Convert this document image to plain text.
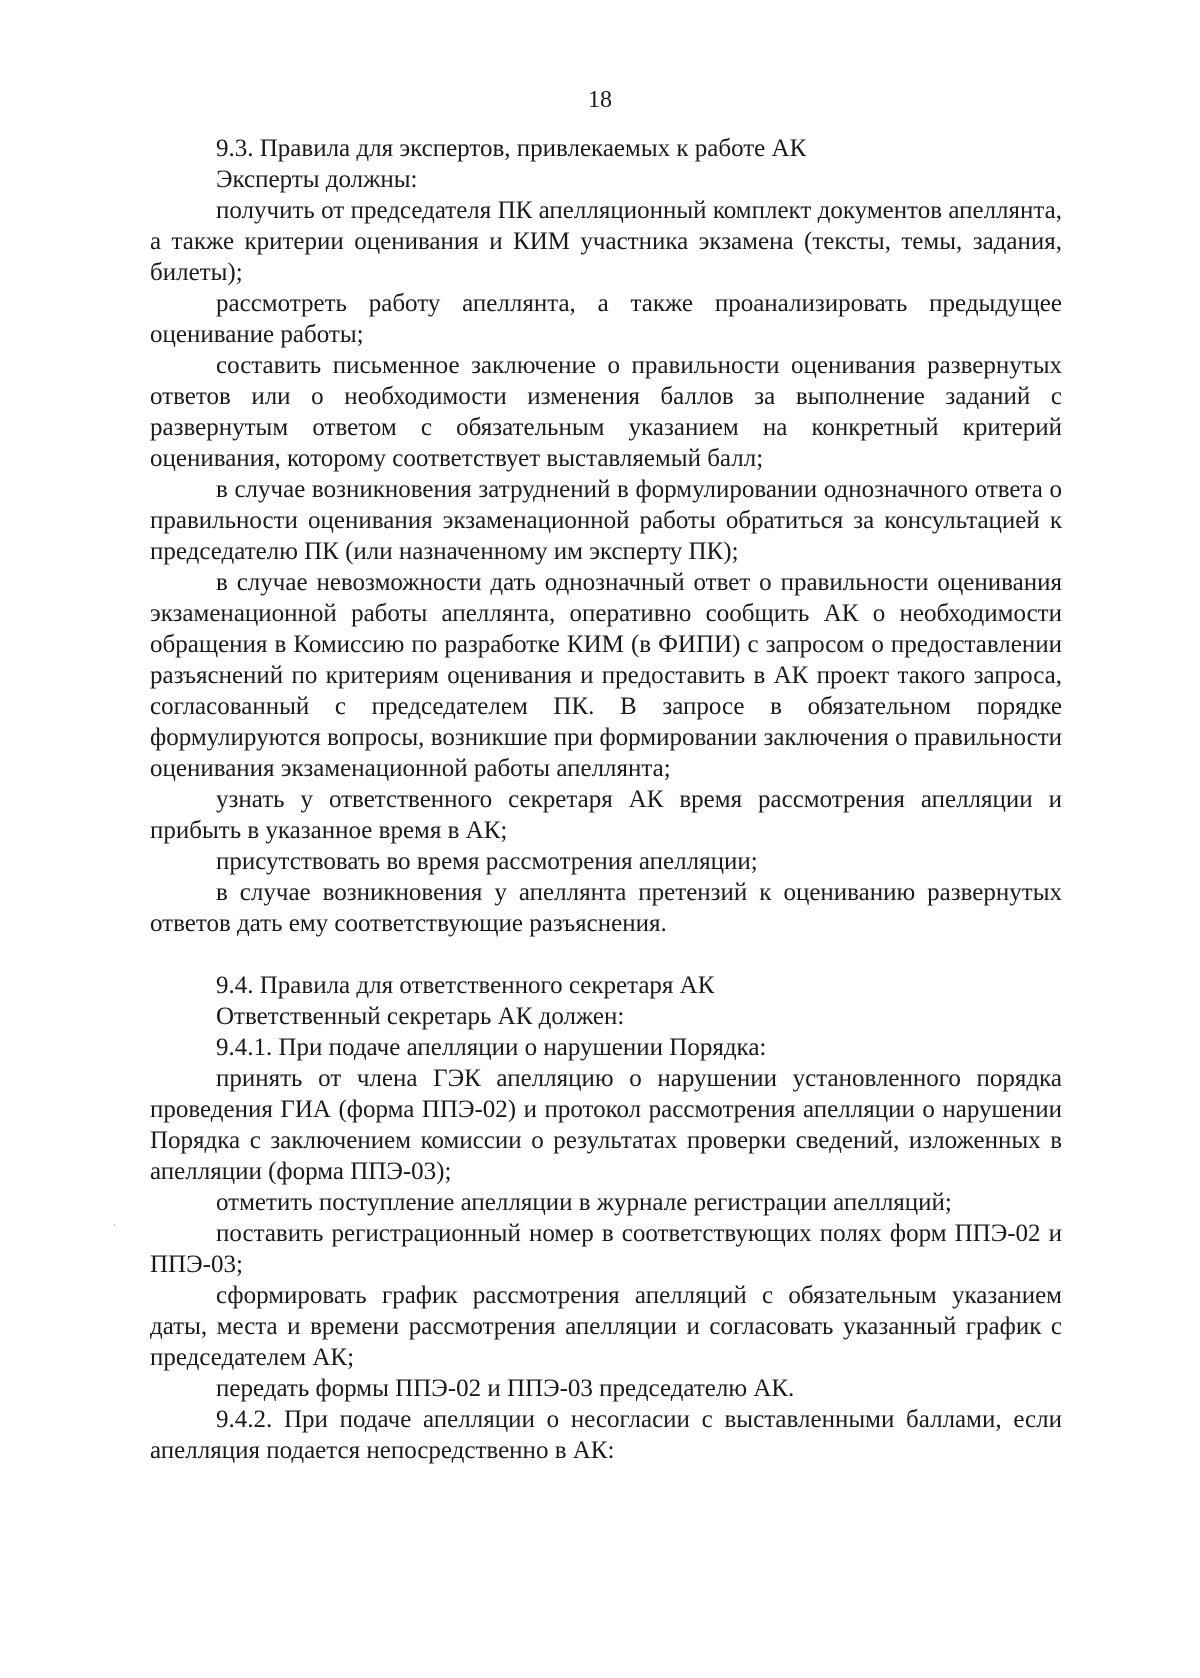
18

9.3. Правила для экспертов, привлекаемых к работе АК

Эксперты должны:

получить от председателя ПК апелляционный комплект документов апеллянта, а также критерии оценивания и КИМ участника экзамена (тексты, темы, задания, билеты);

рассмотреть работу апеллянта, а также проанализировать предыдущее оценивание работы;

составить письменное заключение о правильности оценивания развернутых ответов или о необходимости изменения баллов за выполнение заданий с развернутым ответом с обязательным указанием на конкретный критерий оценивания, которому соответствует выставляемый балл;

в случае возникновения затруднений в формулировании однозначного ответа о правильности оценивания экзаменационной работы обратиться за консультацией к председателю ПК (или назначенному им эксперту ПК);

в случае невозможности дать однозначный ответ о правильности оценивания экзаменационной работы апеллянта, оперативно сообщить АК о необходимости обращения в Комиссию по разработке КИМ (в ФИПИ) с запросом о предоставлении разъяснений по критериям оценивания и предоставить в АК проект такого запроса, согласованный с председателем ПК. В запросе в обязательном порядке формулируются вопросы, возникшие при формировании заключения о правильности оценивания экзаменационной работы апеллянта;

узнать у ответственного секретаря АК время рассмотрения апелляции и прибыть в указанное время в АК;

присутствовать во время рассмотрения апелляции;

в случае возникновения у апеллянта претензий к оцениванию развернутых ответов дать ему соответствующие разъяснения.

9.4. Правила для ответственного секретаря АК

Ответственный секретарь АК должен:

9.4.1. При подаче апелляции о нарушении Порядка:

принять от члена ГЭК апелляцию о нарушении установленного порядка проведения ГИА (форма ППЭ-02) и протокол рассмотрения апелляции о нарушении Порядка с заключением комиссии о результатах проверки сведений, изложенных в апелляции (форма ППЭ-03);

отметить поступление апелляции в журнале регистрации апелляций;

поставить регистрационный номер в соответствующих полях форм ППЭ-02 и ППЭ-03;

сформировать график рассмотрения апелляций с обязательным указанием даты, места и времени рассмотрения апелляции и согласовать указанный график с председателем АК;

передать формы ППЭ-02 и ППЭ-03 председателю АК.

9.4.2. При подаче апелляции о несогласии с выставленными баллами, если апелляция подается непосредственно в АК:
